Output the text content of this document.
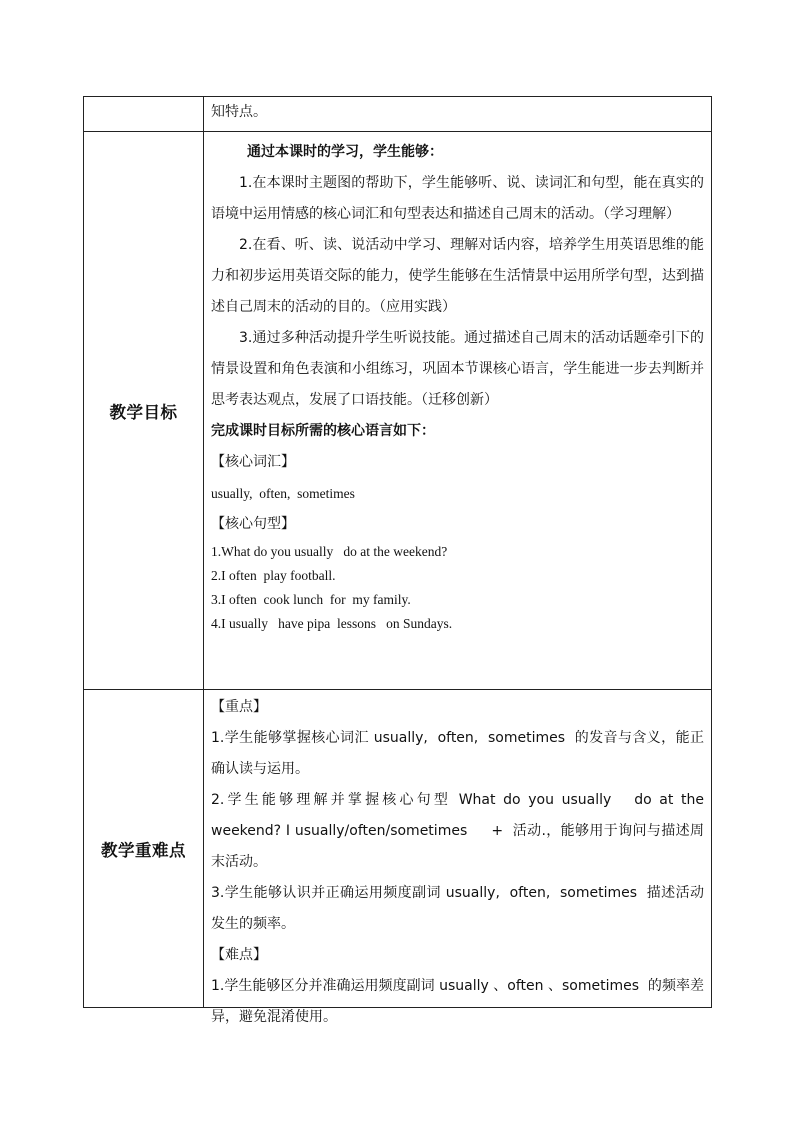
知特点。

教学目标

通过本课时的学习，学生能够：

1.在本课时主题图的帮助下，学生能够听、说、读词汇和句型，能在真实的语境中运用情感的核心词汇和句型表达和描述自己周末的活动。（学习理解）

2.在看、听、读、说活动中学习、理解对话内容，培养学生用英语思维的能力和初步运用英语交际的能力，使学生能够在生活情景中运用所学句型，达到描述自己周末的活动的目的。（应用实践）

3.通过多种活动提升学生听说技能。通过描述自己周末的活动话题牵引下的情景设置和角色表演和小组练习，巩固本节课核心语言，学生能进一步去判断并思考表达观点，发展了口语技能。（迁移创新）

完成课时目标所需的核心语言如下：

【核心词汇】

usually,  often,  sometimes

【核心句型】

1.What do you usually   do at the weekend?

2.I often  play football.

3.I often  cook lunch  for  my family.

4.I usually   have pipa  lessons   on Sundays.

教学重难点

【重点】

1.学生能够掌握核心词汇 usually,  often,  sometimes  的发音与含义，能正确认读与运用。

2.学生能够理解并掌握核心句型 What do you usually   do at the weekend? I usually/often/sometimes     +  活动.，能够用于询问与描述周末活动。

3.学生能够认识并正确运用频度副词 usually,  often,  sometimes  描述活动发生的频率。

【难点】

1.学生能够区分并准确运用频度副词 usually 、often 、sometimes  的频率差异，避免混淆使用。
